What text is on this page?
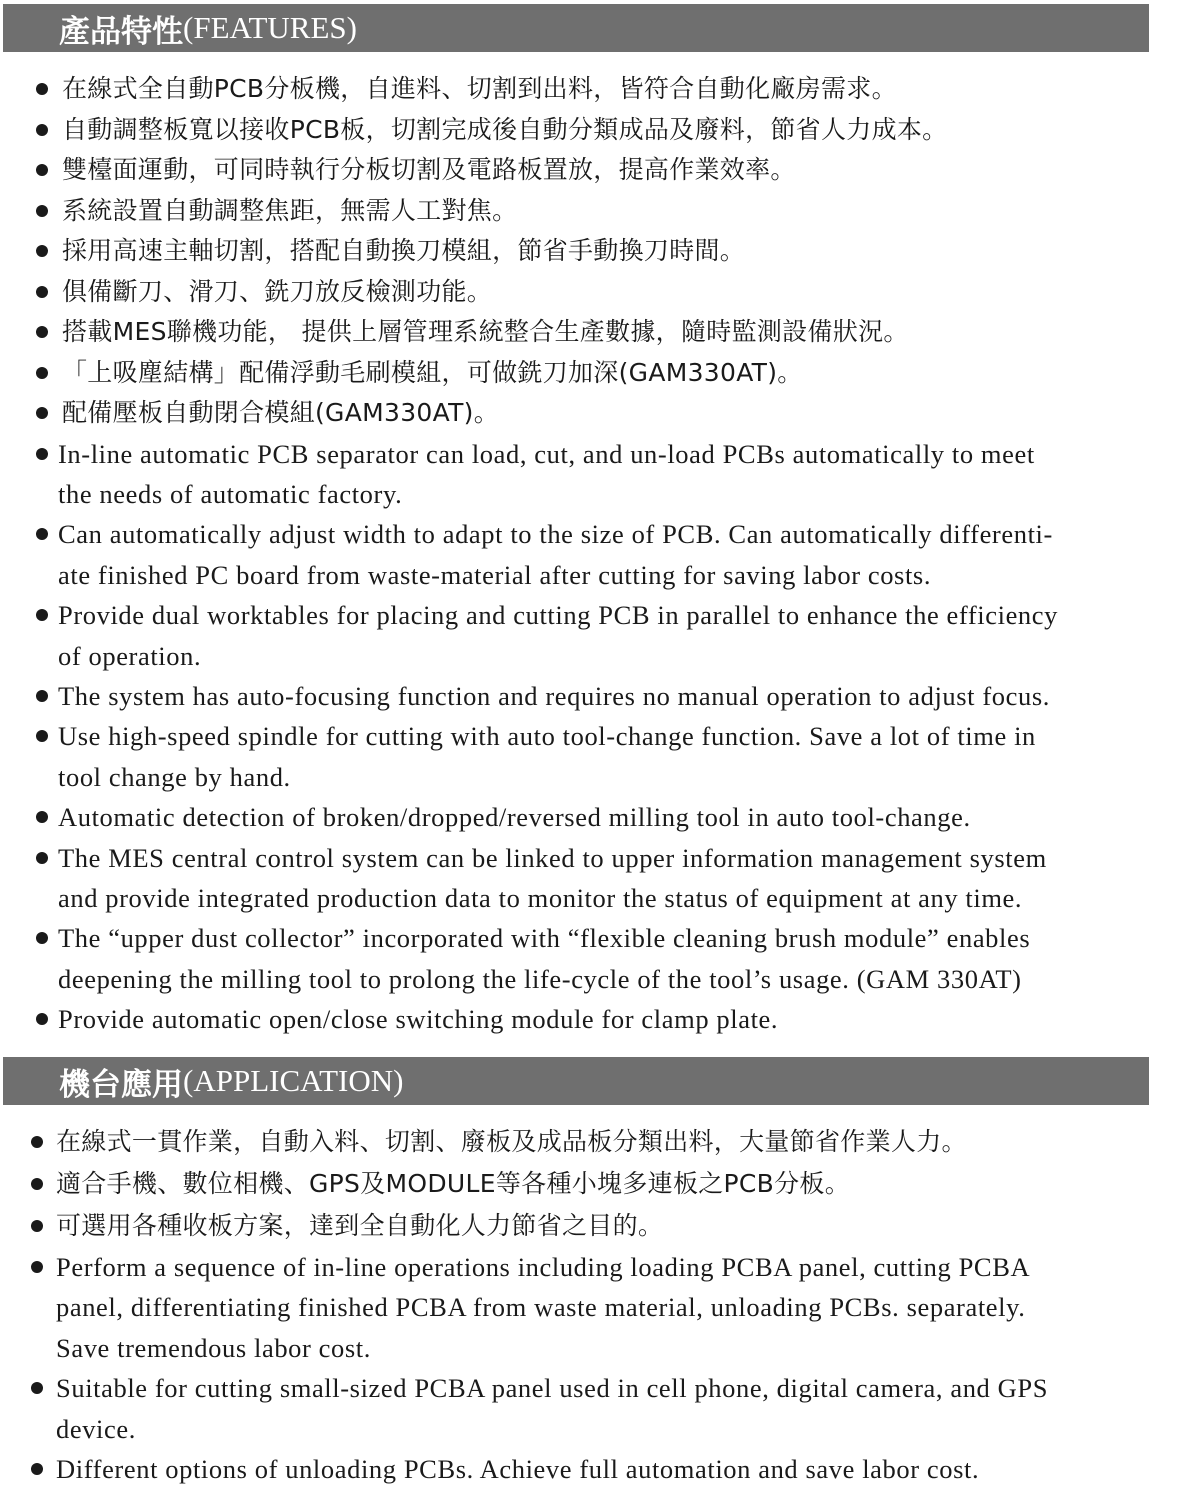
產品特性 (FEATURES)
在線式全自動PCB分板機，自進料、切割到出料，皆符合自動化廠房需求。
自動調整板寬以接收PCB板，切割完成後自動分類成品及廢料，節省人力成本。
雙檯面運動，可同時執行分板切割及電路板置放，提高作業效率。
系統設置自動調整焦距，無需人工對焦。
採用高速主軸切割，搭配自動換刀模組，節省手動換刀時間。
俱備斷刀、滑刀、銑刀放反檢測功能。
搭載MES聯機功能， 提供上層管理系統整合生產數據，隨時監測設備狀況。
「上吸塵結構」配備浮動毛刷模組，可做銑刀加深(GAM330AT)。
配備壓板自動閉合模組(GAM330AT)。
In-line automatic PCB separator can load, cut, and un-load PCBs automatically to meet
the needs of automatic factory.
Can automatically adjust width to adapt to the size of PCB. Can automatically differenti-
ate finished PC board from waste-material after cutting for saving labor costs.
Provide dual worktables for placing and cutting PCB in parallel to enhance the efficiency
of operation.
The system has auto-focusing function and requires no manual operation to adjust focus.
Use high-speed spindle for cutting with auto tool-change function. Save a lot of time in
tool change by hand.
Automatic detection of broken/dropped/reversed milling tool in auto tool-change.
The MES central control system can be linked to upper information management system
and provide integrated production data to monitor the status of equipment at any time.
The “upper dust collector” incorporated with “flexible cleaning brush module” enables
deepening the milling tool to prolong the life-cycle of the tool’s usage. (GAM 330AT)
Provide automatic open/close switching module for clamp plate.
機台應用 (APPLICATION)
在線式一貫作業，自動入料、切割、廢板及成品板分類出料，大量節省作業人力。
適合手機、數位相機、GPS及MODULE等各種小塊多連板之PCB分板。
可選用各種收板方案，達到全自動化人力節省之目的。
Perform a sequence of in-line operations including loading PCBA panel, cutting PCBA
panel, differentiating finished PCBA from waste material, unloading PCBs. separately.
Save tremendous labor cost.
Suitable for cutting small-sized PCBA panel used in cell phone, digital camera, and GPS
device.
Different options of unloading PCBs. Achieve full automation and save labor cost.
